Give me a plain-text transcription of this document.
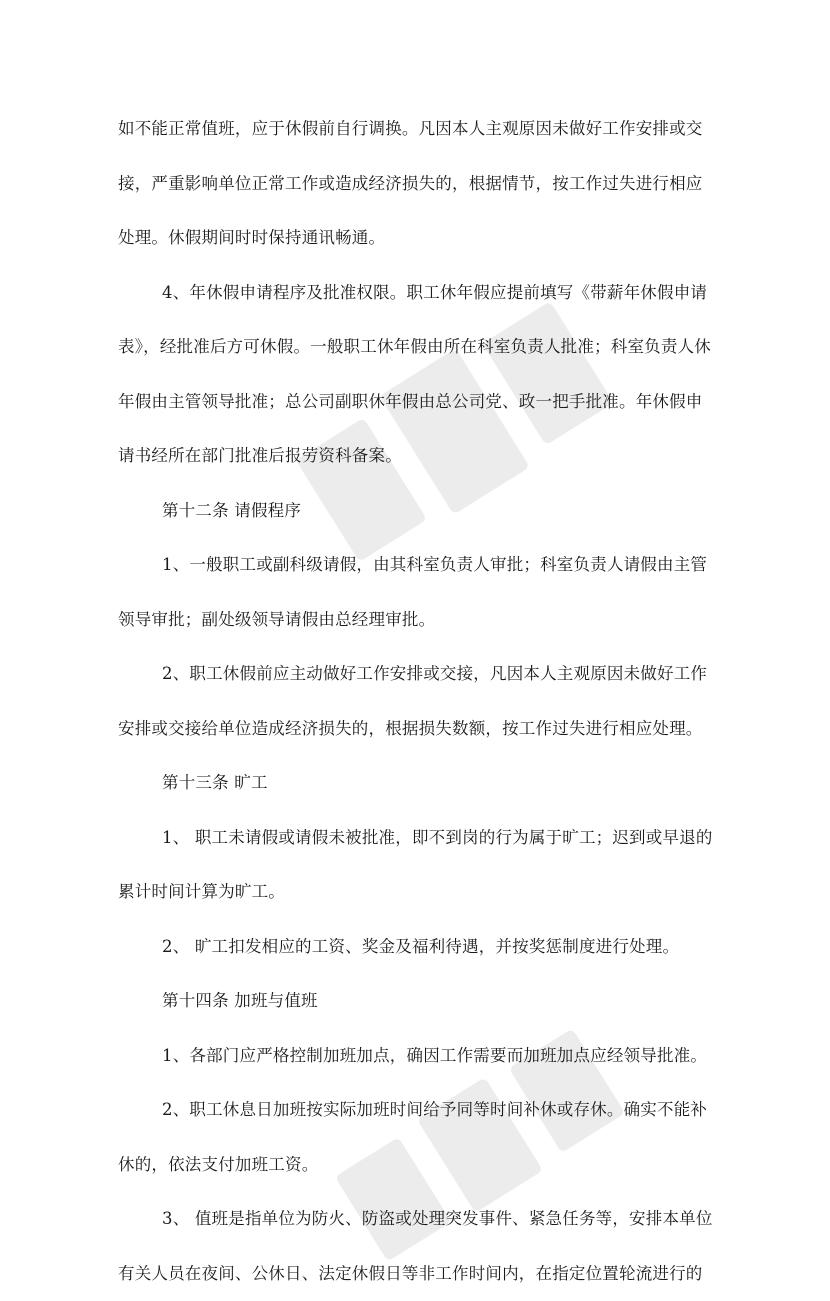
如不能正常值班，应于休假前自行调换。凡因本人主观原因未做好工作安排或交
接，严重影响单位正常工作或造成经济损失的，根据情节，按工作过失进行相应
处理。休假期间时时保持通讯畅通。
4、年休假申请程序及批准权限。职工休年假应提前填写《带薪年休假申请
表》，经批准后方可休假。一般职工休年假由所在科室负责人批准；科室负责人休
年假由主管领导批准；总公司副职休年假由总公司党、政一把手批准。年休假申
请书经所在部门批准后报劳资科备案。
第十二条 请假程序
1、一般职工或副科级请假，由其科室负责人审批；科室负责人请假由主管
领导审批；副处级领导请假由总经理审批。
2、职工休假前应主动做好工作安排或交接，凡因本人主观原因未做好工作
安排或交接给单位造成经济损失的，根据损失数额，按工作过失进行相应处理。
第十三条 旷工
1、 职工未请假或请假未被批准，即不到岗的行为属于旷工；迟到或早退的
累计时间计算为旷工。
2、 旷工扣发相应的工资、奖金及福利待遇，并按奖惩制度进行处理。
第十四条 加班与值班
1、各部门应严格控制加班加点，确因工作需要而加班加点应经领导批准。
2、职工休息日加班按实际加班时间给予同等时间补休或存休。确实不能补
休的，依法支付加班工资。
3、 值班是指单位为防火、防盗或处理突发事件、紧急任务等，安排本单位
有关人员在夜间、公休日、法定休假日等非工作时间内，在指定位置轮流进行的
